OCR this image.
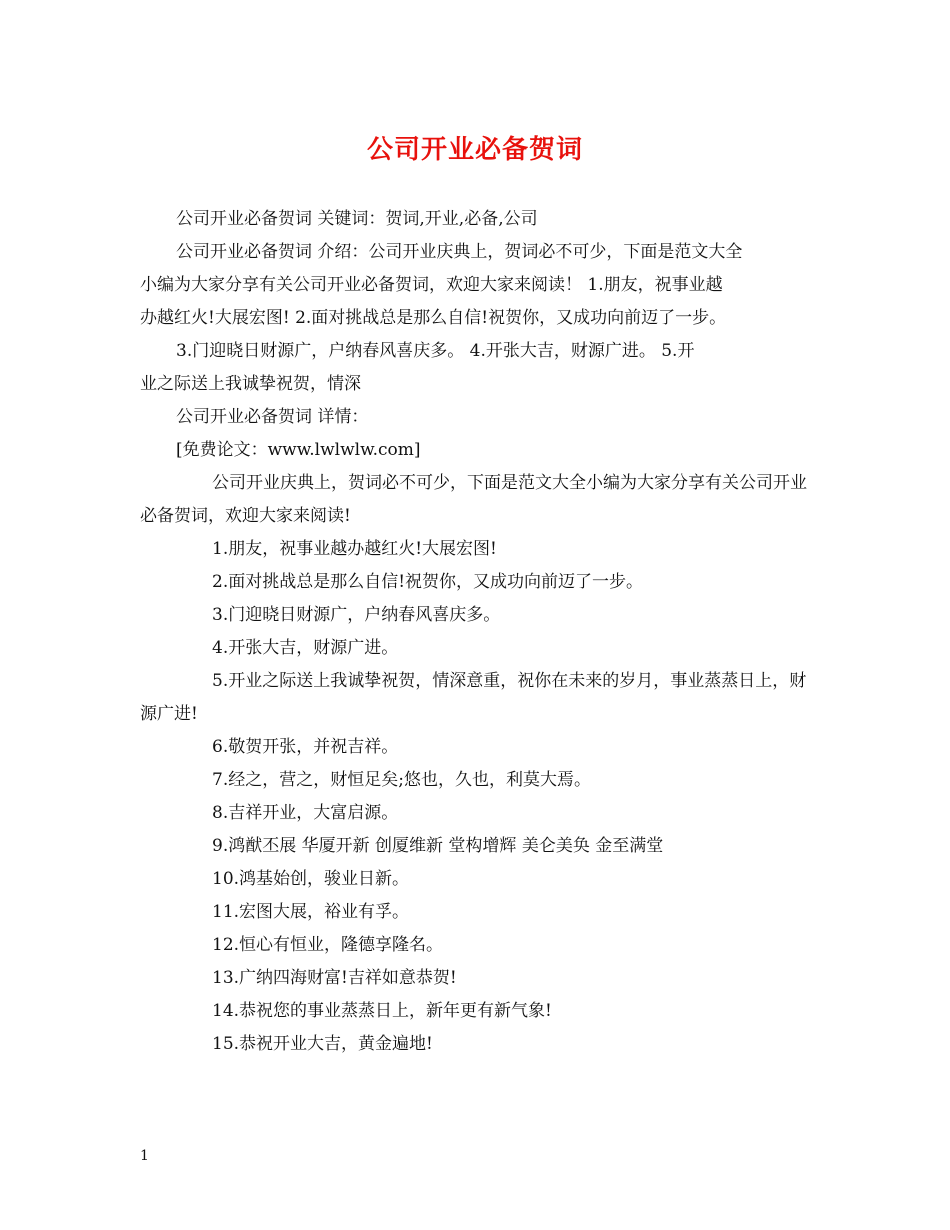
公司开业必备贺词

公司开业必备贺词 关键词：贺词,开业,必备,公司

公司开业必备贺词 介绍：公司开业庆典上，贺词必不可少，下面是范文大全

小编为大家分享有关公司开业必备贺词，欢迎大家来阅读！ 1.朋友，祝事业越

办越红火!大展宏图! 2.面对挑战总是那么自信!祝贺你，又成功向前迈了一步。

3.门迎晓日财源广，户纳春风喜庆多。 4.开张大吉，财源广进。 5.开

业之际送上我诚挚祝贺，情深

公司开业必备贺词 详情：

[免费论文：www.lwlwlw.com]

公司开业庆典上，贺词必不可少，下面是范文大全小编为大家分享有关公司开业必备贺词，欢迎大家来阅读!

1.朋友，祝事业越办越红火!大展宏图!

2.面对挑战总是那么自信!祝贺你，又成功向前迈了一步。

3.门迎晓日财源广，户纳春风喜庆多。

4.开张大吉，财源广进。

5.开业之际送上我诚挚祝贺，情深意重，祝你在未来的岁月，事业蒸蒸日上，财源广进!

6.敬贺开张，并祝吉祥。

7.经之，营之，财恒足矣;悠也，久也，利莫大焉。

8.吉祥开业，大富启源。

9.鸿猷丕展 华厦开新 创厦维新 堂构增辉 美仑美奂 金至满堂

10.鸿基始创，骏业日新。

11.宏图大展，裕业有孚。

12.恒心有恒业，隆德享隆名。

13.广纳四海财富!吉祥如意恭贺!

14.恭祝您的事业蒸蒸日上，新年更有新气象!

15.恭祝开业大吉，黄金遍地!

1
